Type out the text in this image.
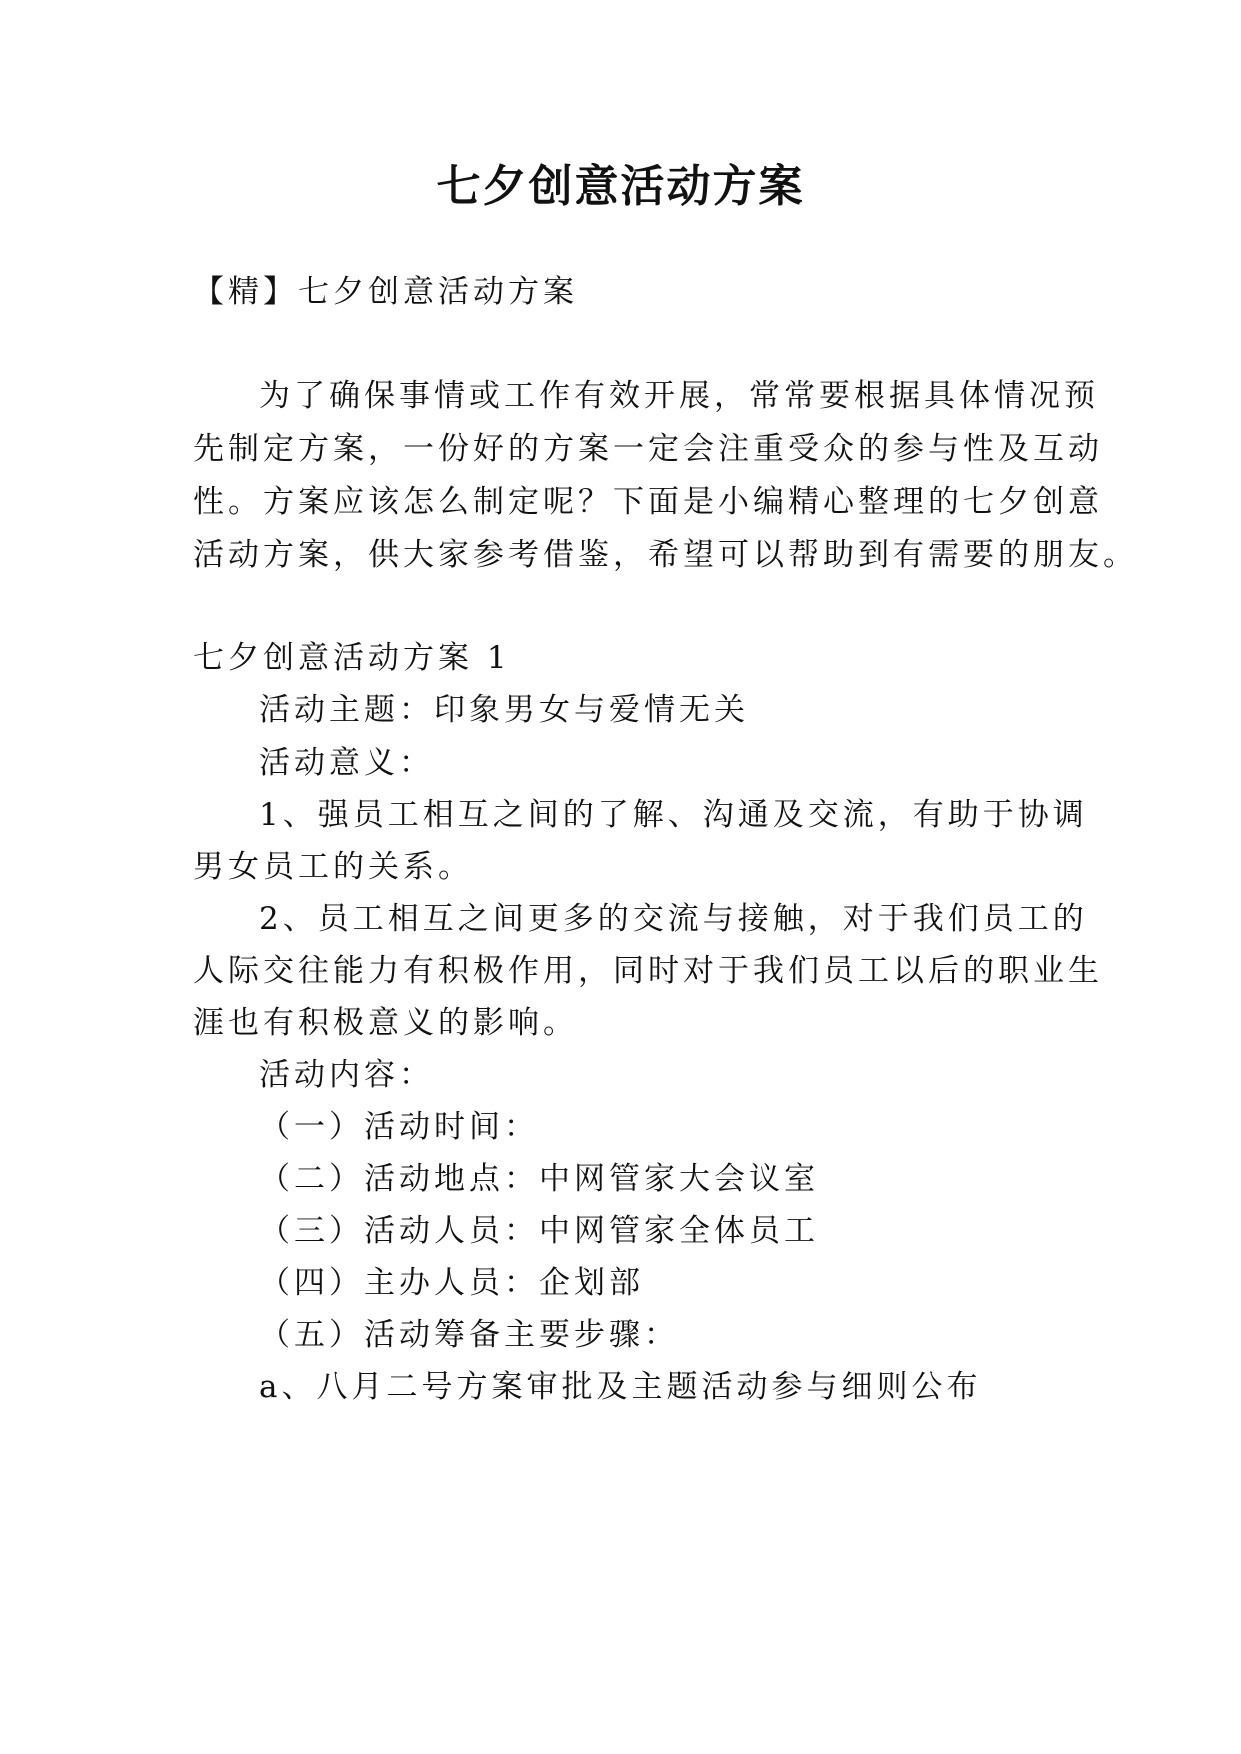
七夕创意活动方案
【精】七夕创意活动方案
为了确保事情或工作有效开展，常常要根据具体情况预
先制定方案，一份好的方案一定会注重受众的参与性及互动
性。方案应该怎么制定呢？下面是小编精心整理的七夕创意
活动方案，供大家参考借鉴，希望可以帮助到有需要的朋友。
七夕创意活动方案 1
活动主题：印象男女与爱情无关
活动意义：
1、强员工相互之间的了解、沟通及交流，有助于协调
男女员工的关系。
2、员工相互之间更多的交流与接触，对于我们员工的
人际交往能力有积极作用，同时对于我们员工以后的职业生
涯也有积极意义的影响。
活动内容：
（一）活动时间：
（二）活动地点：中网管家大会议室
（三）活动人员：中网管家全体员工
（四）主办人员：企划部
（五）活动筹备主要步骤：
a、八月二号方案审批及主题活动参与细则公布
